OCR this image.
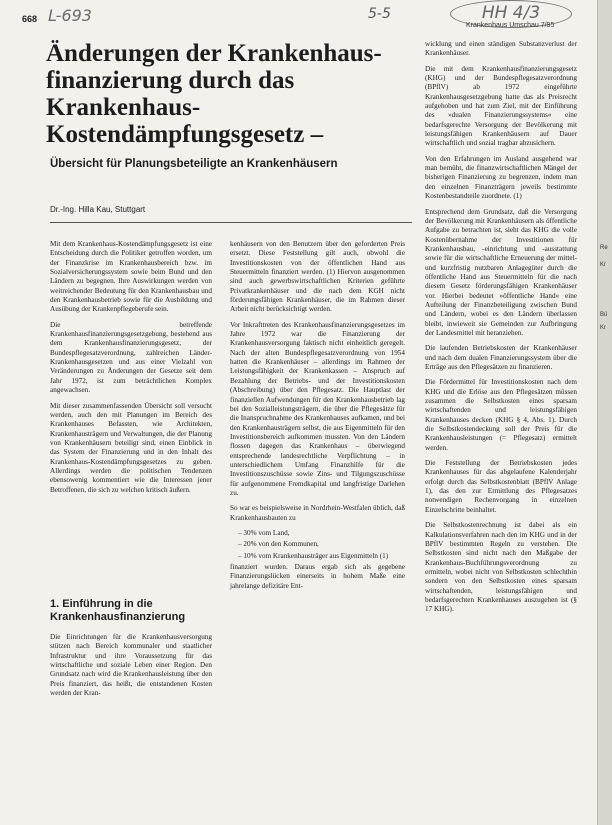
668 L-693	5-5	HH 4/3
Krankenhaus Umschau 7/85
Änderungen der Krankenhaus-finanzierung durch das Krankenhaus-Kostendämpfungsgesetz –
Übersicht für Planungsbeteiligte an Krankenhäusern
Dr.-Ing. Hilla Kau, Stuttgart

Mit dem Krankenhaus-Kostendämpfungsgesetz ist eine Entscheidung durch die Politiker getroffen worden, um der Finanzkrise im Krankenhausbereich bzw. im Sozialversicherungssystem sowie beim Bund und den Ländern zu begegnen. Ihre Auswirkungen werden von weitreichender Bedeutung für den Krankenhausbau und den Krankenhausbetrieb sowie für die Ausbildung und Ausübung der Krankenpflegeberufe sein.

Die betreffende Krankenhausfinanzierungsgesetzgebung, bestehend aus dem Krankenhausfinanzierungsgesetz, der Bundespflegesatzverordnung, zahlreichen Länder-Krankenhausgesetzen und aus einer Vielzahl von Veränderungen zu Änderungen der Gesetze seit dem Jahr 1972, ist zum beträchtlichen Komplex angewachsen.

Mit dieser zusammenfassenden Übersicht soll versucht werden, auch den mit Planungen im Bereich des Krankenhauses Befassten, wie Architekten, Krankenhausträgern und Verwaltungen, die der Planung von Krankenhäusern beteiligt sind, einen Einblick in das System der Finanzierung und in den Inhalt des Krankenhaus-Kostendämpfungsgesetzes zu geben. Allerdings werden die politischen Tendenzen ebensowenig kommentiert wie die Interessen jener Betroffenen, die sich zu welchen kritisch äußern.

1. Einführung in die Krankenhausfinanzierung

Die Einrichtungen für die Krankenhausversorgung stützen nach Bereich kommunaler und staatlicher Infrastruktur und ihre Voraussetzung für das wirtschaftliche und soziale Leben einer Region. Den Grundsatz nach wird die Krankenhausleistung über den Preis finanziert, das heißt, die entstandenen Kosten werden der Kran-

kenhäusern von den Benutzern über den geforderten Preis ersetzt. Diese Feststellung gilt auch, obwohl die Investitionskosten von der öffentlichen Hand aus Steuermitteln finanziert werden. (1) Hiervon ausgenommen sind auch gewerbswirtschaftlichen Kriterien geführte Privatkrankenhäuser und die nach dem KGH nicht förderungsfähigen Krankenhäuser, die im Rahmen dieser Arbeit nicht berücksichtigt werden.

Vor Inkrafttreten des Krankenhausfinanzierungsgesetzes im Jahre 1972 war die Finanzierung der Krankenhausversorgung faktisch nicht einheitlich geregelt. Nach der alten Bundespflegesatzverordnung von 1954 hatten die Krankenhäuser – allerdings im Rahmen der Leistungsfähigkeit der Krankenkassen – Anspruch auf Bezahlung der Betriebs- und der Investitionskosten (Abschreibung) über den Pflegesatz. Die Hauptlast der finanziellen Aufwendungen für den Krankenhausbetrieb lag bei den Sozialleistungsträgern, die über die Pflegesätze für die Inanspruchnahme des Krankenhauses aufkamen, und bei den Krankenhausträgern selbst, die aus Eigenmitteln für den Investitionsbereich aufkommen mussten. Von den Ländern flossen dagegen das Krankenhaus – überwiegend entsprechende landesrechtliche Verpflichtung – in unterschiedlichem Umfang Finanzhilfe für die Investitionszuschüsse sowie Zins- und Tilgungszuschüsse für aufgenommene Fremdkapital und langfristige Darlehen zu.

So war es beispielsweise in Nordrhein-Westfalen üblich, daß Krankenhausbauten zu

– 30% vom Land,

– 20% von den Kommunen,

– 10% vom Krankenhausträger aus Eigenmitteln (1)

finanziert wurden. Daraus ergab sich als gegebene Finanzierungslücken einerseits in hohem Maße eine jahrelange defizitäre Ent-

wicklung und einen ständigen Substanzverlust der Krankenhäuser.

Die mit dem Krankenhausfinanzierungsgesetz (KHG) und der Bundespflegesatzverordnung (BPflV) ab 1972 eingeführte Krankenhausgesetzgebung hatte das als Preisrecht aufgehoben und hat zum Ziel, mit der Einführung des »dualen Finanzierungssystems« eine bedarfsgerechte Versorgung der Bevölkerung mit leistungsfähigen Krankenhäusern auf Dauer wirtschaftlich und sozial tragbar abzusichern.

Von den Erfahrungen im Ausland ausgehend war man bemüht, die finanzwirtschaftlichen Mängel der bisherigen Finanzierung zu begrenzen, indem man den einzelnen Finanzträgern jeweils bestimmte Kostenbestandteile zuordnete. (1)

Entsprechend dem Grundsatz, daß die Versorgung der Bevölkerung mit Krankenhäusern als öffentliche Aufgabe zu betrachten ist, sieht das KHG die volle Kostenübernahme der Investitionen für Krankenhausbau, -einrichtung und -ausstattung sowie für die wirtschaftliche Erneuerung der mittel- und kurzfristig nutzbaren Anlagegüter durch die öffentliche Hand aus Steuermitteln für die nach diesem Gesetz förderungsfähigen Krankenhäuser vor. Hierbei bedeutet »öffentliche Hand« eine Aufteilung der Finanzbeteiligung zwischen Bund und Ländern, wobei es den Ländern überlassen bleibt, inwieweit sie Gemeinden zur Aufbringung der Landesmittel mit heranziehen.

Die laufenden Betriebskosten der Krankenhäuser und nach dem dualen Finanzierungssystem über die Erträge aus den Pflegesätzen zu finanzieren.

Die Fördermittel für Investitionskosten nach dem KHG und die Erlöse aus den Pflegesätzen müssen zusammen die Selbstkosten eines sparsam wirtschaftenden und leistungsfähigen Krankenhauses decken (KHG § 4, Abs. 1). Durch die Selbstkostendeckung soll der Preis für die Krankenhausleistungen (= Pflegesatz) ermittelt werden.

Die Feststellung der Betriebskosten jedes Krankenhauses für das abgelaufene Kalenderjahr erfolgt durch das Selbstkostenblatt (BPflV Anlage 1), das den zur Ermittlung des Pflegesatzes notwendigen Rechenvorgang in einzelnen Einzelschritte beinhaltet.

Die Selbstkostenrechnung ist dabei als ein Kalkulationsverfahren nach den im KHG und in der BPflV bestimmten Regeln zu verstehen. Die Selbstkosten sind nicht nach den Maßgabe der Krankenhaus-Buchführungsverordnung zu ermitteln, wobei nicht von Selbstkosten schlechthin sondern von den Selbstkosten eines sparsam wirtschaftenden, leistungsfähigen und bedarfsgerechten Krankenhauses auszugehen ist (§ 17 KHG).

Re
Kr
Bü
Kr
